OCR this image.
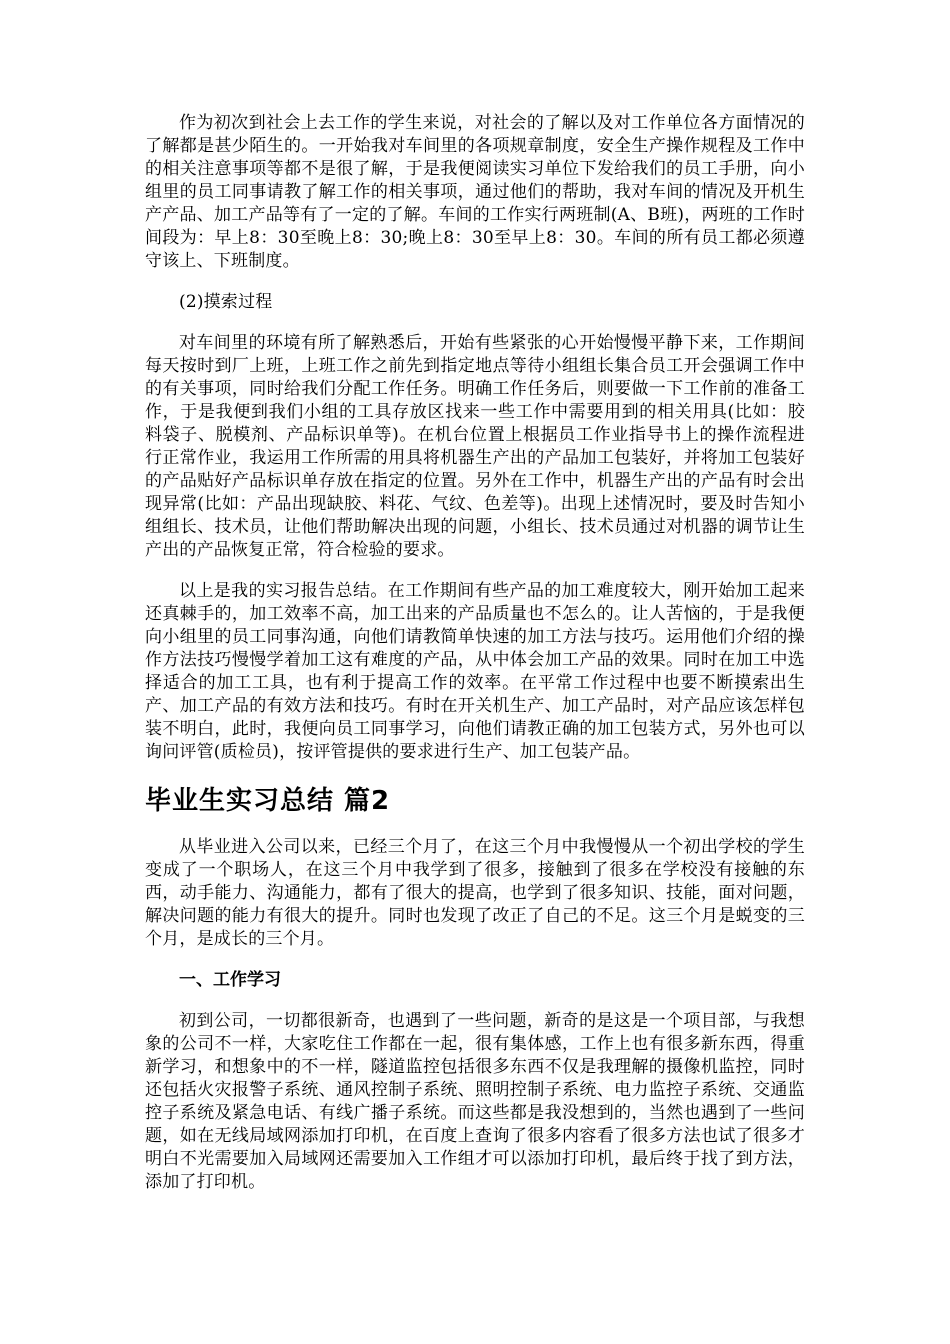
作为初次到社会上去工作的学生来说，对社会的了解以及对工作单位各方面情况的了解都是甚少陌生的。一开始我对车间里的各项规章制度，安全生产操作规程及工作中的相关注意事项等都不是很了解，于是我便阅读实习单位下发给我们的员工手册，向小组里的员工同事请教了解工作的相关事项，通过他们的帮助，我对车间的情况及开机生产产品、加工产品等有了一定的了解。车间的工作实行两班制(A、B班)，两班的工作时间段为：早上8：30至晚上8：30;晚上8：30至早上8：30。车间的所有员工都必须遵守该上、下班制度。

(2)摸索过程

对车间里的环境有所了解熟悉后，开始有些紧张的心开始慢慢平静下来，工作期间每天按时到厂上班，上班工作之前先到指定地点等待小组组长集合员工开会强调工作中的有关事项，同时给我们分配工作任务。明确工作任务后，则要做一下工作前的准备工作，于是我便到我们小组的工具存放区找来一些工作中需要用到的相关用具(比如：胶料袋子、脱模剂、产品标识单等)。在机台位置上根据员工作业指导书上的操作流程进行正常作业，我运用工作所需的用具将机器生产出的产品加工包装好，并将加工包装好的产品贴好产品标识单存放在指定的位置。另外在工作中，机器生产出的产品有时会出现异常(比如：产品出现缺胶、料花、气纹、色差等)。出现上述情况时，要及时告知小组组长、技术员，让他们帮助解决出现的问题，小组长、技术员通过对机器的调节让生产出的产品恢复正常，符合检验的要求。

以上是我的实习报告总结。在工作期间有些产品的加工难度较大，刚开始加工起来还真棘手的，加工效率不高，加工出来的产品质量也不怎么的。让人苦恼的，于是我便向小组里的员工同事沟通，向他们请教简单快速的加工方法与技巧。运用他们介绍的操作方法技巧慢慢学着加工这有难度的产品，从中体会加工产品的效果。同时在加工中选择适合的加工工具，也有利于提高工作的效率。在平常工作过程中也要不断摸索出生产、加工产品的有效方法和技巧。有时在开关机生产、加工产品时，对产品应该怎样包装不明白，此时，我便向员工同事学习，向他们请教正确的加工包装方式，另外也可以询问评管(质检员)，按评管提供的要求进行生产、加工包装产品。

毕业生实习总结 篇2

从毕业进入公司以来，已经三个月了，在这三个月中我慢慢从一个初出学校的学生变成了一个职场人，在这三个月中我学到了很多，接触到了很多在学校没有接触的东西，动手能力、沟通能力，都有了很大的提高，也学到了很多知识、技能，面对问题，解决问题的能力有很大的提升。同时也发现了改正了自己的不足。这三个月是蜕变的三个月，是成长的三个月。

一、工作学习

初到公司，一切都很新奇，也遇到了一些问题，新奇的是这是一个项目部，与我想象的公司不一样，大家吃住工作都在一起，很有集体感，工作上也有很多新东西，得重新学习，和想象中的不一样，隧道监控包括很多东西不仅是我理解的摄像机监控，同时还包括火灾报警子系统、通风控制子系统、照明控制子系统、电力监控子系统、交通监控子系统及紧急电话、有线广播子系统。而这些都是我没想到的，当然也遇到了一些问题，如在无线局域网添加打印机，在百度上查询了很多内容看了很多方法也试了很多才明白不光需要加入局域网还需要加入工作组才可以添加打印机，最后终于找了到方法，添加了打印机。
